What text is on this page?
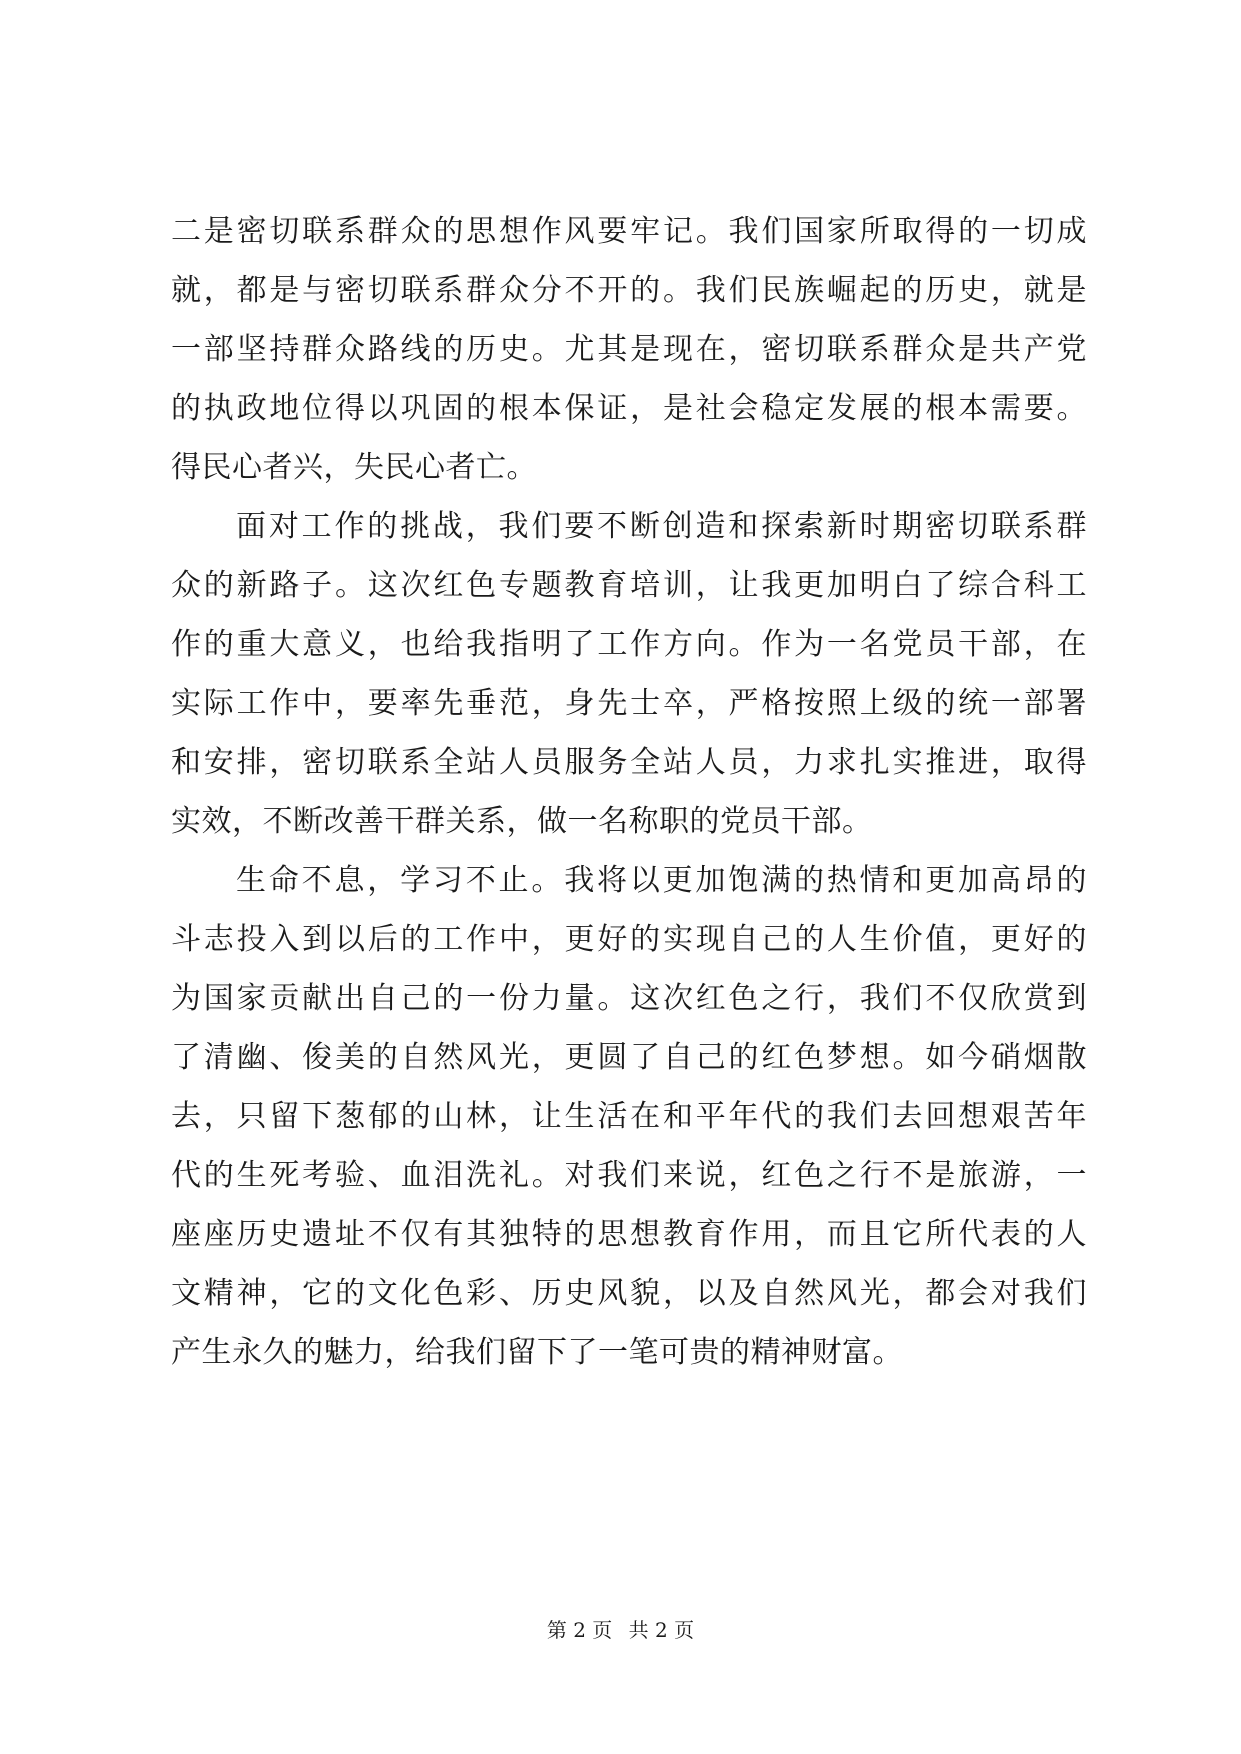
二是密切联系群众的思想作风要牢记。我们国家所取得的一切成
就，都是与密切联系群众分不开的。我们民族崛起的历史，就是
一部坚持群众路线的历史。尤其是现在，密切联系群众是共产党
的执政地位得以巩固的根本保证，是社会稳定发展的根本需要。
得民心者兴，失民心者亡。
面对工作的挑战，我们要不断创造和探索新时期密切联系群
众的新路子。这次红色专题教育培训，让我更加明白了综合科工
作的重大意义，也给我指明了工作方向。作为一名党员干部，在
实际工作中，要率先垂范，身先士卒，严格按照上级的统一部署
和安排，密切联系全站人员服务全站人员，力求扎实推进，取得
实效，不断改善干群关系，做一名称职的党员干部。
生命不息，学习不止。我将以更加饱满的热情和更加高昂的
斗志投入到以后的工作中，更好的实现自己的人生价值，更好的
为国家贡献出自己的一份力量。这次红色之行，我们不仅欣赏到
了清幽、俊美的自然风光，更圆了自己的红色梦想。如今硝烟散
去，只留下葱郁的山林，让生活在和平年代的我们去回想艰苦年
代的生死考验、血泪洗礼。对我们来说，红色之行不是旅游，一
座座历史遗址不仅有其独特的思想教育作用，而且它所代表的人
文精神，它的文化色彩、历史风貌，以及自然风光，都会对我们
产生永久的魅力，给我们留下了一笔可贵的精神财富。
第 2 页 共 2 页
